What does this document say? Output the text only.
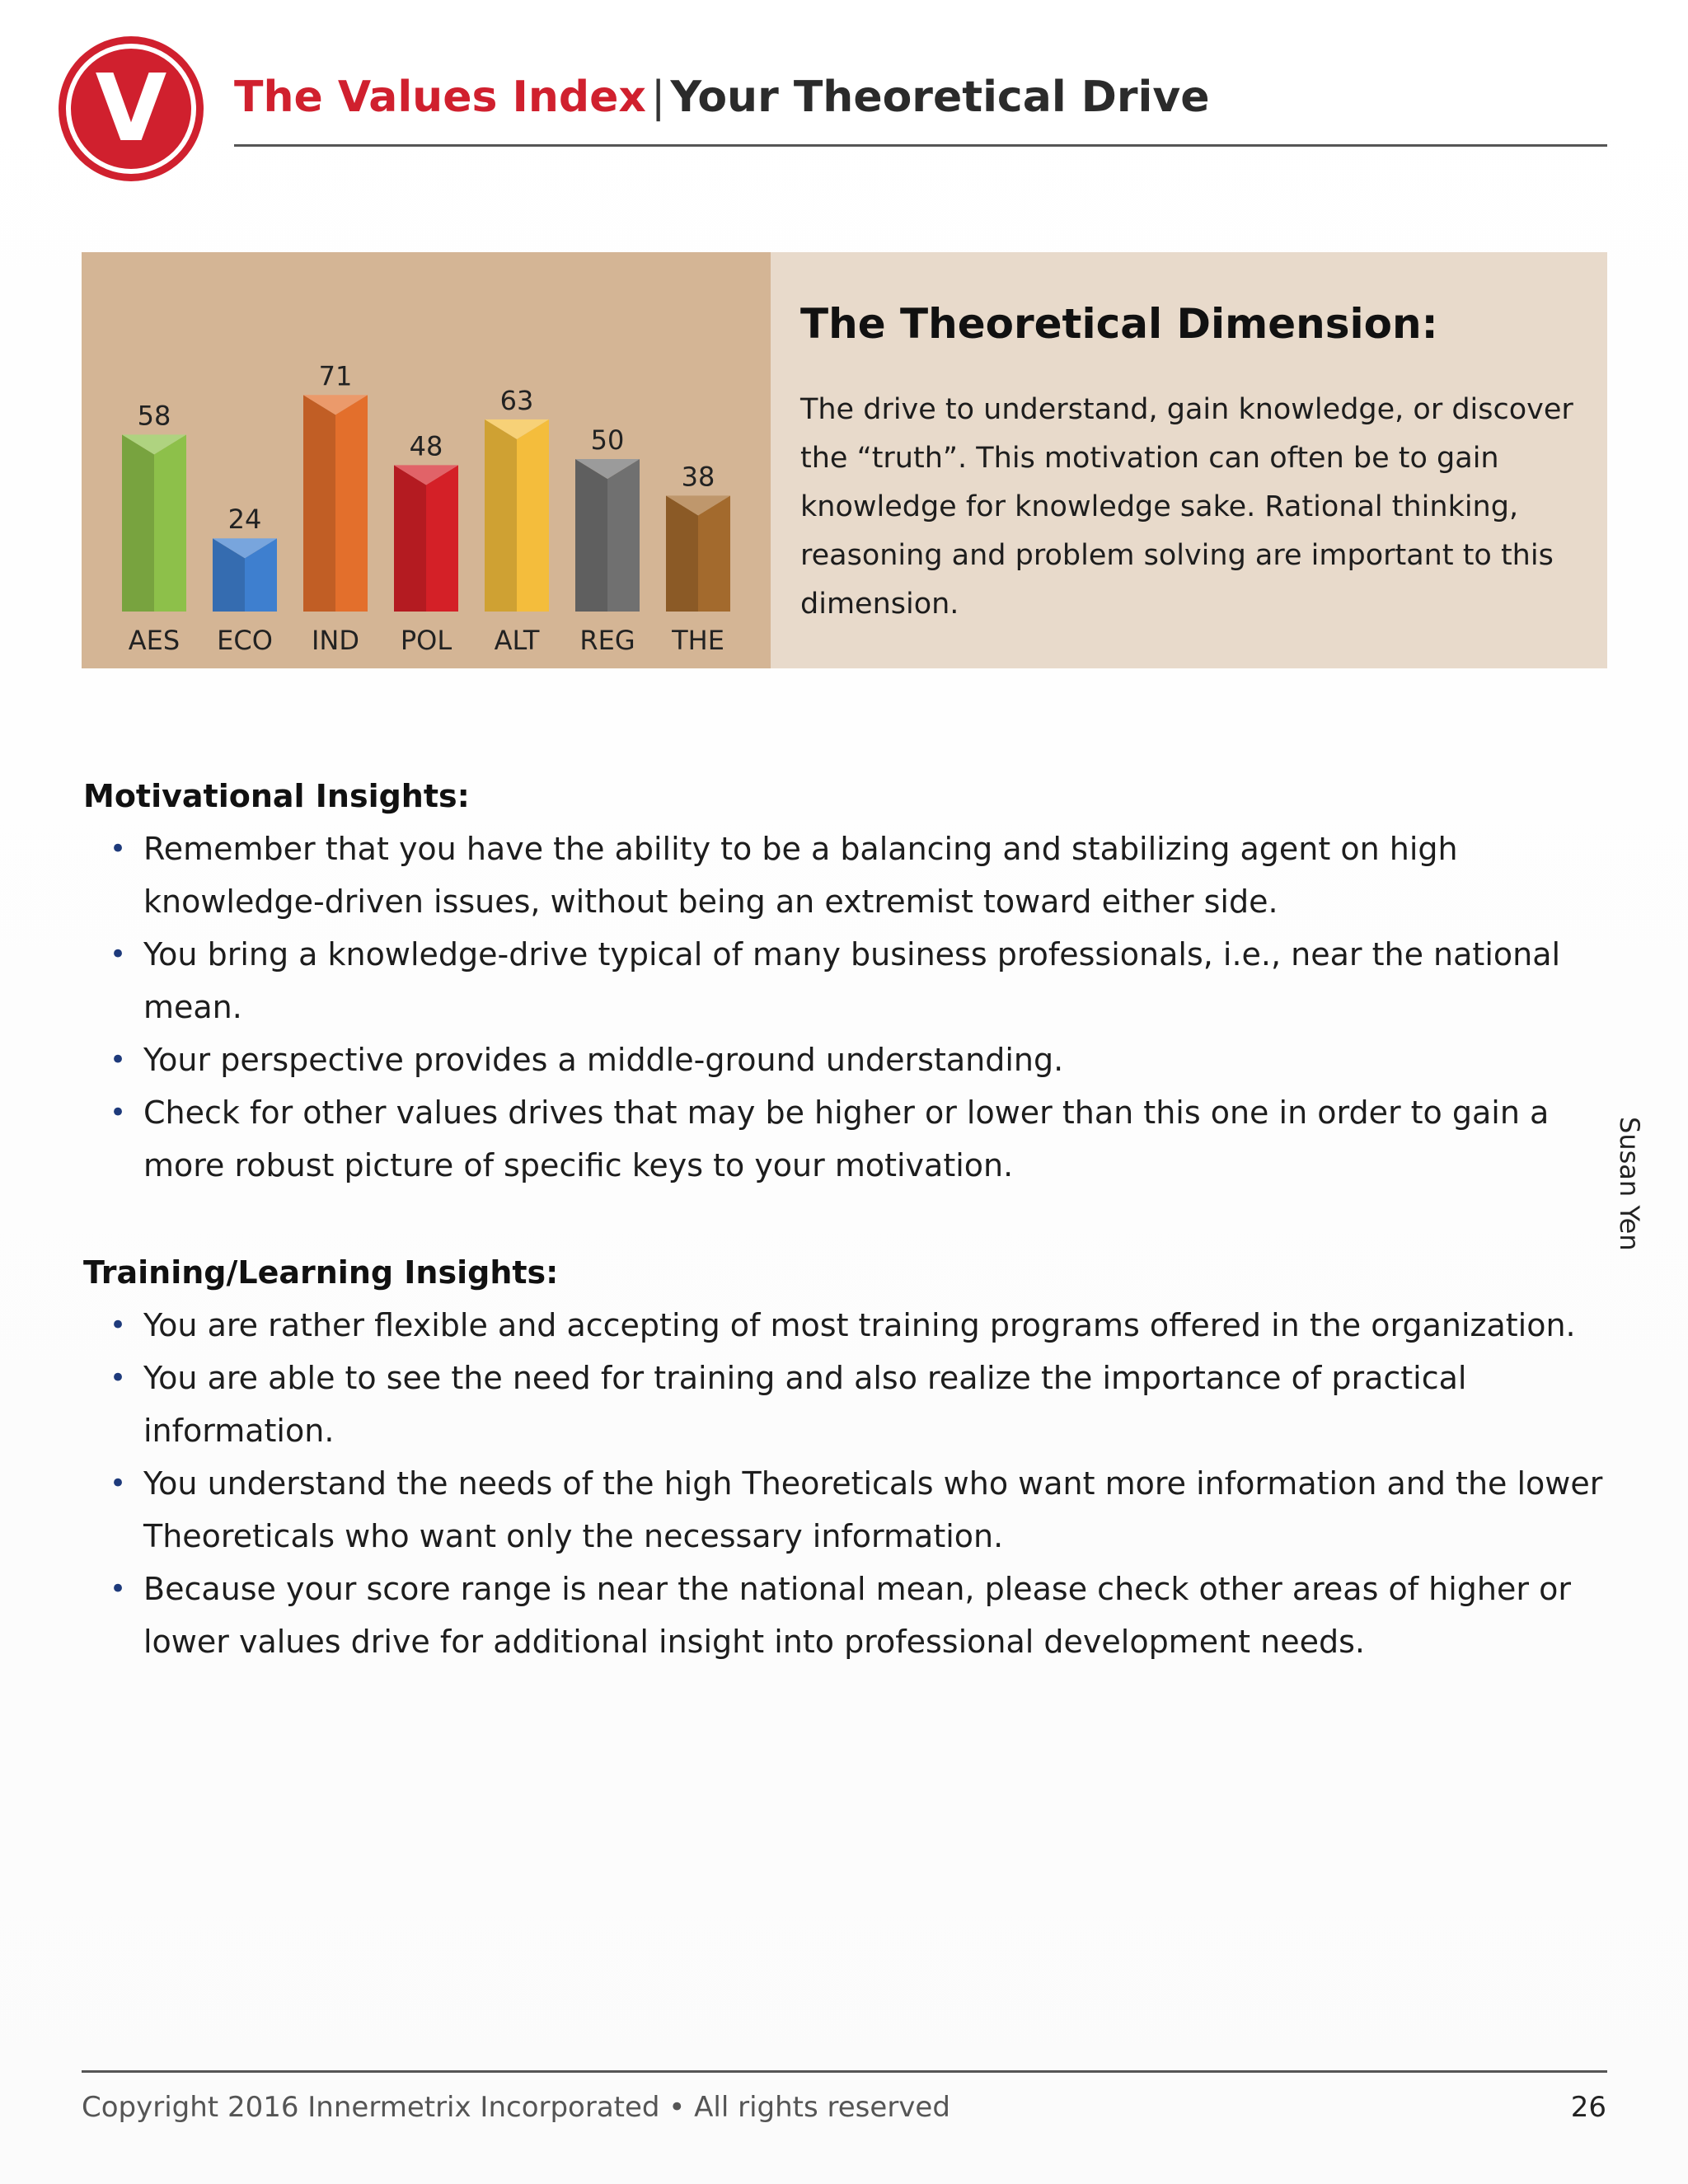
V The Values Index | Your Theoretical Drive
58
AES
24
ECO
71
IND
48
POL
63
ALT
50
REG
38
THE
The Theoretical Dimension:
The drive to understand, gain knowledge, or discover the “truth”. This motivation can often be to gain knowledge for knowledge sake. Rational thinking, reasoning and problem solving are important to this dimension.
Motivational Insights:
• Remember that you have the ability to be a balancing and stabilizing agent on high knowledge-driven issues, without being an extremist toward either side.
• You bring a knowledge-drive typical of many business professionals, i.e., near the national mean.
• Your perspective provides a middle-ground understanding.
• Check for other values drives that may be higher or lower than this one in order to gain a more robust picture of specific keys to your motivation.
Training/Learning Insights:
• You are rather flexible and accepting of most training programs offered in the organization.
• You are able to see the need for training and also realize the importance of practical information.
• You understand the needs of the high Theoreticals who want more information and the lower Theoreticals who want only the necessary information.
• Because your score range is near the national mean, please check other areas of higher or lower values drive for additional insight into professional development needs.
Susan Yen
Copyright 2016 Innermetrix Incorporated • All rights reserved	26
